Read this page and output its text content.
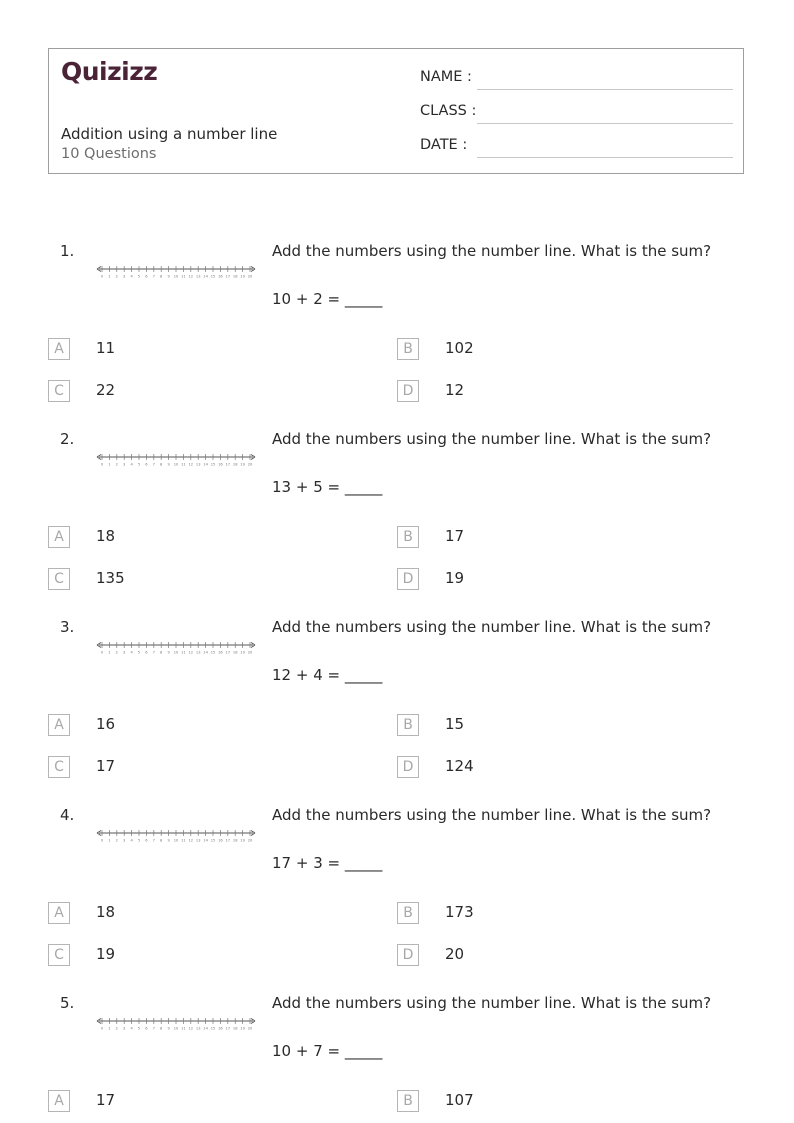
Quizizz
Addition using a number line
10 Questions
NAME :
CLASS :
DATE :
1.
0 1 2 3 4 5 6 7 8 9 10 11 12 13 14 15 16 17 18 19 20
Add the numbers using the number line. What is the sum?
10 + 2 = _____
A	11	B	102
C	22	D	12
2.
0 1 2 3 4 5 6 7 8 9 10 11 12 13 14 15 16 17 18 19 20
Add the numbers using the number line. What is the sum?
13 + 5 = _____
A	18	B	17
C	135	D	19
3.
0 1 2 3 4 5 6 7 8 9 10 11 12 13 14 15 16 17 18 19 20
Add the numbers using the number line. What is the sum?
12 + 4 = _____
A	16	B	15
C	17	D	124
4.
0 1 2 3 4 5 6 7 8 9 10 11 12 13 14 15 16 17 18 19 20
Add the numbers using the number line. What is the sum?
17 + 3 = _____
A	18	B	173
C	19	D	20
5.
0 1 2 3 4 5 6 7 8 9 10 11 12 13 14 15 16 17 18 19 20
Add the numbers using the number line. What is the sum?
10 + 7 = _____
A	17	B	107
